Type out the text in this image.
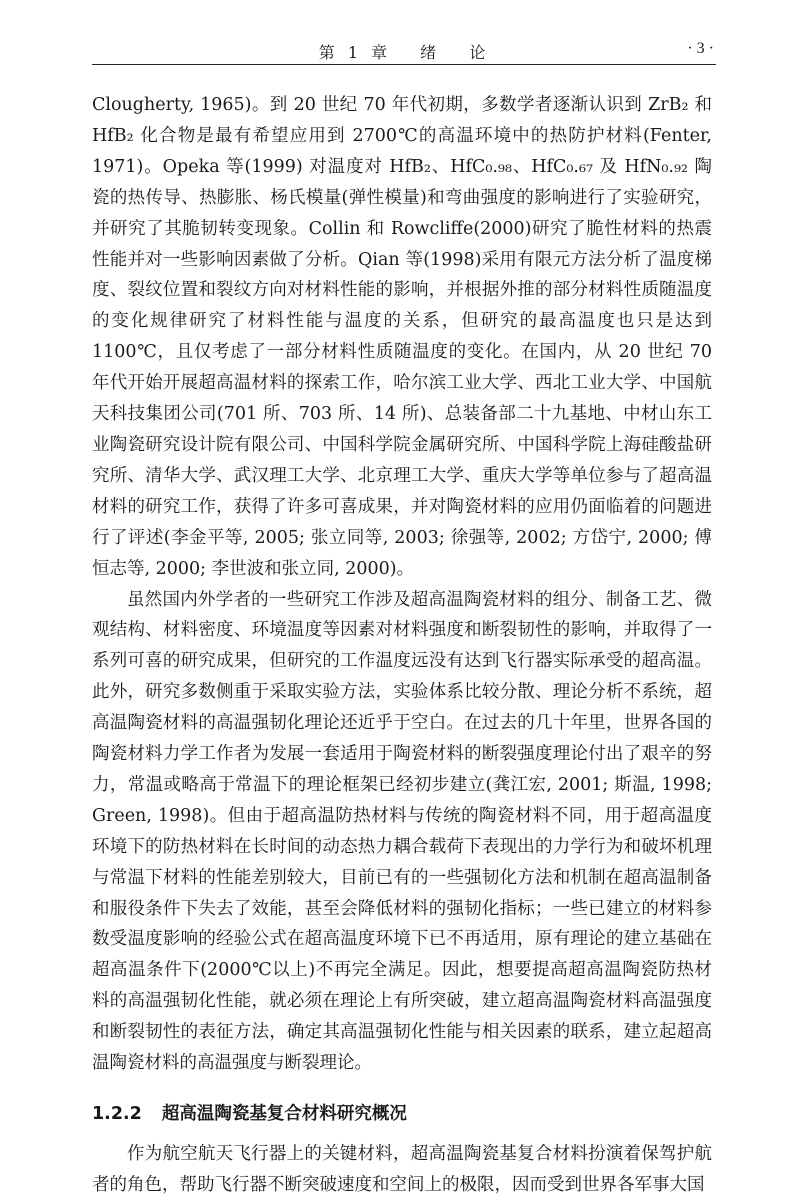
第 1 章　 绪　 论	· 3 ·

Clougherty, 1965)。到 20 世纪 70 年代初期，多数学者逐渐认识到 ZrB₂ 和 HfB₂ 化合物是最有希望应用到 2700℃的高温环境中的热防护材料(Fenter, 1971)。Opeka 等(1999) 对温度对 HfB₂、HfC₀.₉₈、HfC₀.₆₇ 及 HfN₀.₉₂ 陶瓷的热传导、热膨胀、杨氏模量(弹性模量)和弯曲强度的影响进行了实验研究，并研究了其脆韧转变现象。Collin 和 Rowcliffe(2000)研究了脆性材料的热震性能并对一些影响因素做了分析。Qian 等(1998)采用有限元方法分析了温度梯度、裂纹位置和裂纹方向对材料性能的影响，并根据外推的部分材料性质随温度的变化规律研究了材料性能与温度的关系，但研究的最高温度也只是达到 1100℃，且仅考虑了一部分材料性质随温度的变化。在国内，从 20 世纪 70 年代开始开展超高温材料的探索工作，哈尔滨工业大学、西北工业大学、中国航天科技集团公司(701 所、703 所、14 所)、总装备部二十九基地、中材山东工业陶瓷研究设计院有限公司、中国科学院金属研究所、中国科学院上海硅酸盐研究所、清华大学、武汉理工大学、北京理工大学、重庆大学等单位参与了超高温材料的研究工作，获得了许多可喜成果，并对陶瓷材料的应用仍面临着的问题进行了评述(李金平等, 2005; 张立同等, 2003; 徐强等, 2002; 方岱宁, 2000; 傅恒志等, 2000; 李世波和张立同, 2000)。

虽然国内外学者的一些研究工作涉及超高温陶瓷材料的组分、制备工艺、微观结构、材料密度、环境温度等因素对材料强度和断裂韧性的影响，并取得了一系列可喜的研究成果，但研究的工作温度远没有达到飞行器实际承受的超高温。此外，研究多数侧重于采取实验方法，实验体系比较分散、理论分析不系统，超高温陶瓷材料的高温强韧化理论还近乎于空白。在过去的几十年里，世界各国的陶瓷材料力学工作者为发展一套适用于陶瓷材料的断裂强度理论付出了艰辛的努力，常温或略高于常温下的理论框架已经初步建立(龚江宏, 2001; 斯温, 1998; Green, 1998)。但由于超高温防热材料与传统的陶瓷材料不同，用于超高温度环境下的防热材料在长时间的动态热力耦合载荷下表现出的力学行为和破坏机理与常温下材料的性能差别较大，目前已有的一些强韧化方法和机制在超高温制备和服役条件下失去了效能，甚至会降低材料的强韧化指标；一些已建立的材料参数受温度影响的经验公式在超高温度环境下已不再适用，原有理论的建立基础在超高温条件下(2000℃以上)不再完全满足。因此，想要提高超高温陶瓷防热材料的高温强韧化性能，就必须在理论上有所突破，建立超高温陶瓷材料高温强度和断裂韧性的表征方法，确定其高温强韧化性能与相关因素的联系，建立起超高温陶瓷材料的高温强度与断裂理论。

1.2.2 超高温陶瓷基复合材料研究概况

作为航空航天飞行器上的关键材料，超高温陶瓷基复合材料扮演着保驾护航者的角色，帮助飞行器不断突破速度和空间上的极限，因而受到世界各军事大国
